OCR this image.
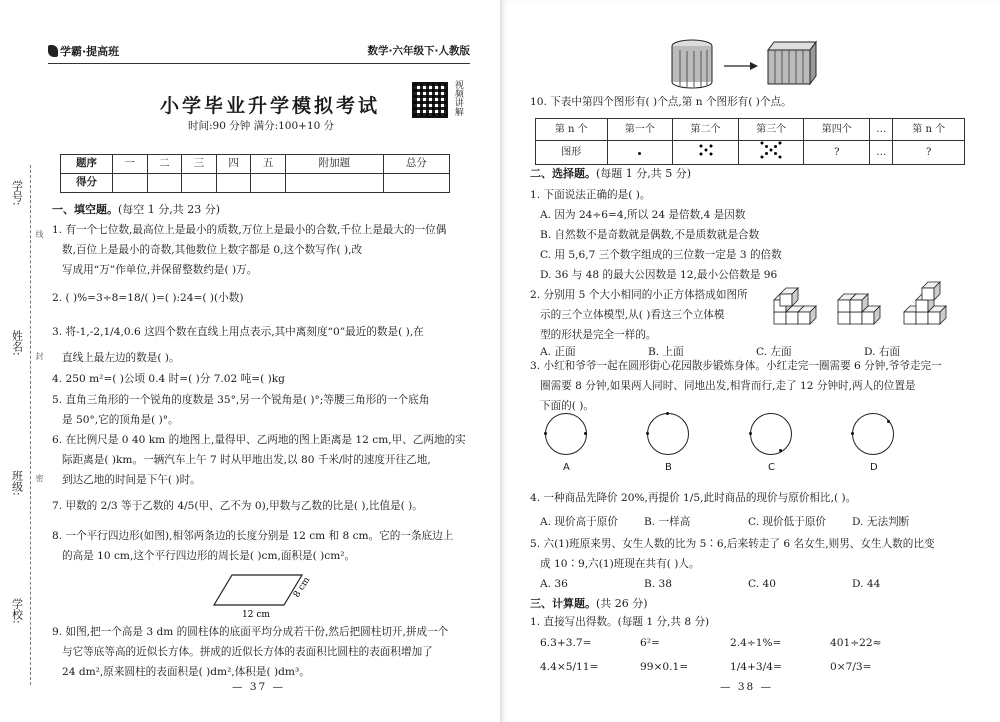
学号:
姓名:
班级:
学校:
线
封
密
学霸·提高班	数学·六年级下·人教版
小学毕业升学模拟考试
时间:90 分钟 满分:100+10 分
视频讲解
题序	一	二	三	四	五	附加题	总分
得分							
一、填空题。(每空 1 分,共 23 分)

1. 有一个七位数,最高位上是最小的质数,万位上是最小的合数,千位上是最大的一位偶

数,百位上是最小的奇数,其他数位上数字都是 0,这个数写作( ),改

写成用“万”作单位,并保留整数约是( )万。

2. ( )%=3÷8=18/( )=( ):24=( )(小数)

3. 将-1,-2,1/4,0.6 这四个数在直线上用点表示,其中离刻度“0”最近的数是( ),在

直线上最左边的数是( )。

4. 250 m²=( )公顷 0.4 时=( )分 7.02 吨=( )kg

5. 直角三角形的一个锐角的度数是 35°,另一个锐角是( )°;等腰三角形的一个底角

是 50°,它的顶角是( )°。

6. 在比例尺是 0 40 km 的地图上,量得甲、乙两地的图上距离是 12 cm,甲、乙两地的实

际距离是( )km。一辆汽车上午 7 时从甲地出发,以 80 千米/时的速度开往乙地,

到达乙地的时间是下午( )时。

7. 甲数的 2/3 等于乙数的 4/5(甲、乙不为 0),甲数与乙数的比是( ),比值是( )。

8. 一个平行四边形(如图),相邻两条边的长度分别是 12 cm 和 8 cm。它的一条底边上

的高是 10 cm,这个平行四边形的周长是( )cm,面积是( )cm²。

12 cm
8 cm

9. 如图,把一个高是 3 dm 的圆柱体的底面平均分成若干份,然后把圆柱切开,拼成一个

与它等底等高的近似长方体。拼成的近似长方体的表面积比圆柱的表面积增加了

24 dm²,原来圆柱的表面积是( )dm²,体积是( )dm³。

— 37 —

10. 下表中第四个图形有( )个点,第 n 个图形有( )个点。

第 n 个	第一个	第二个	第三个	第四个	…	第 n 个
图形				?	…	?
二、选择题。(每题 1 分,共 5 分)

1. 下面说法正确的是( )。

A. 因为 24÷6=4,所以 24 是倍数,4 是因数

B. 自然数不是奇数就是偶数,不是质数就是合数

C. 用 5,6,7 三个数字组成的三位数一定是 3 的倍数

D. 36 与 48 的最大公因数是 12,最小公倍数是 96

2. 分别用 5 个大小相同的小正方体搭成如图所

示的三个立体模型,从( )看这三个立体模

型的形状是完全一样的。

A. 正面	B. 上面	C. 左面	D. 右面

3. 小红和爷爷一起在圆形街心花园散步锻炼身体。小红走完一圈需要 6 分钟,爷爷走完一

圈需要 8 分钟,如果两人同时、同地出发,相背而行,走了 12 分钟时,两人的位置是

下面的( )。

A	B	C	D

4. 一种商品先降价 20%,再提价 1/5,此时商品的现价与原价相比,( )。

A. 现价高于原价 B. 一样高	C. 现价低于原价 D. 无法判断

5. 六(1)班原来男、女生人数的比为 5∶6,后来转走了 6 名女生,则男、女生人数的比变

成 10∶9,六(1)班现在共有( )人。

A. 36	B. 38	C. 40	D. 44

三、计算题。(共 26 分)

1. 直接写出得数。(每题 1 分,共 8 分)

6.3+3.7=	6²=	2.4÷1%=	401÷22≈
4.4×5/11=	99×0.1=	1/4+3/4=	0×7/3=
— 38 —
